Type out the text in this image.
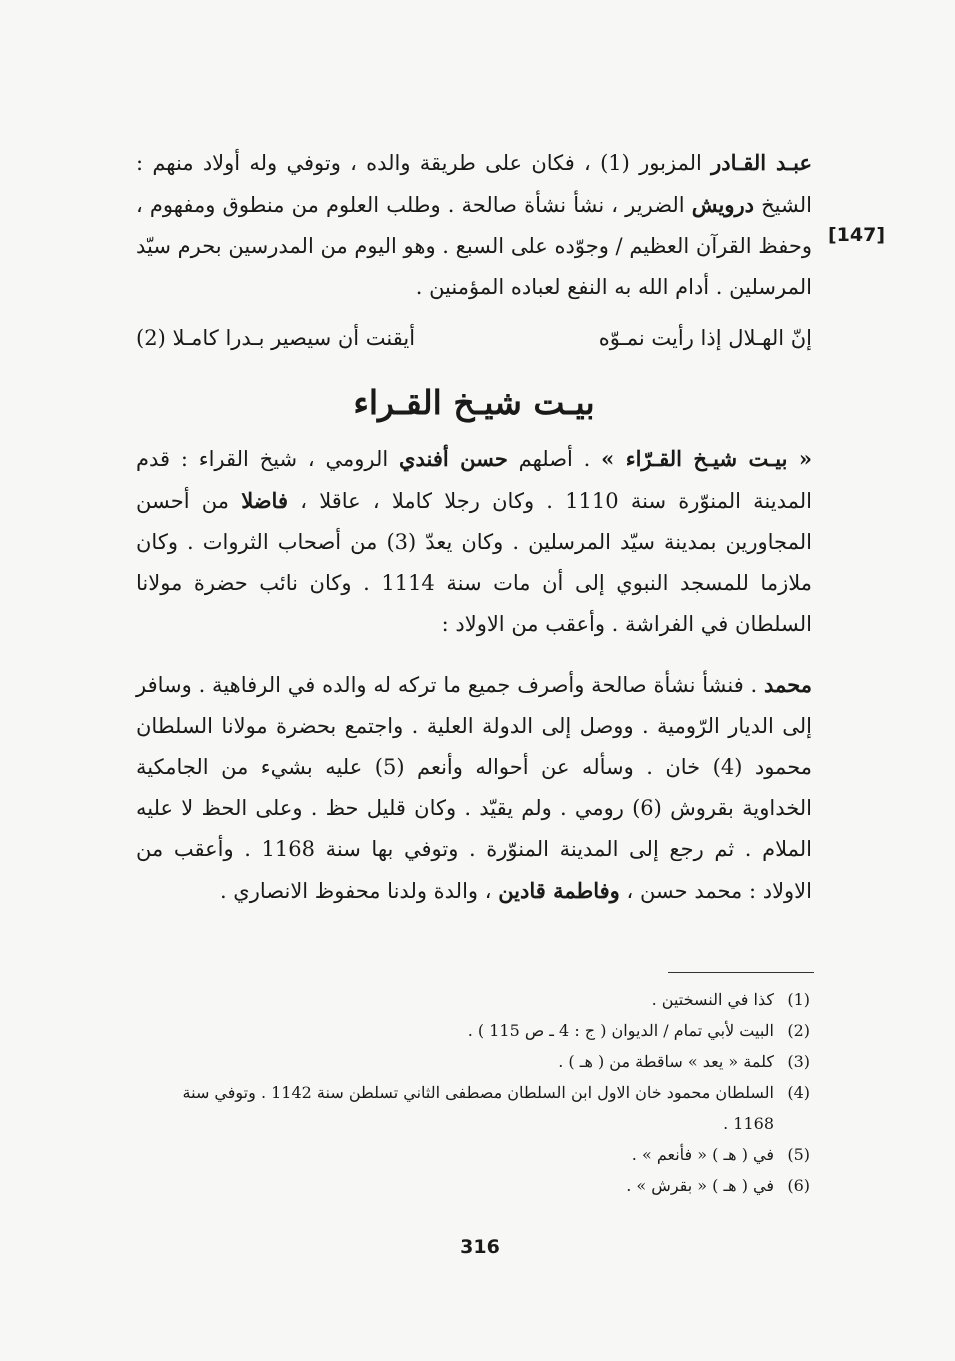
[147]

عبـد القـادر المزبور (1) ، فكان على طريقة والده ، وتوفي وله أولاد منهم : الشيخ درويش الضرير ، نشأ نشأة صالحة . وطلب العلوم من منطوق ومفهوم ، وحفظ القرآن العظيم / وجوّده على السبع . وهو اليوم من المدرسين بحرم سيّد المرسلين . أدام الله به النفع لعباده المؤمنين .

إنّ الهـلال إذا رأيت نمـوّه
أيقنت أن سيصير بـدرا كامـلا (2)
بيـت شيـخ القـراء

« بيـت شيـخ القـرّاء » . أصلهم حسن أفندي الرومي ، شيخ القراء : قدم المدينة المنوّرة سنة 1110 . وكان رجلا كاملا ، عاقلا ، فاضلا من أحسن المجاورين بمدينة سيّد المرسلين . وكان يعدّ (3) من أصحاب الثروات . وكان ملازما للمسجد النبوي إلى أن مات سنة 1114 . وكان نائب حضرة مولانا السلطان في الفراشة . وأعقب من الاولاد :

محمد . فنشأ نشأة صالحة وأصرف جميع ما تركه له والده في الرفاهية . وسافر إلى الديار الرّومية . ووصل إلى الدولة العلية . واجتمع بحضرة مولانا السلطان محمود (4) خان . وسأله عن أحواله وأنعم (5) عليه بشيء من الجامكية الخداوية بقروش (6) رومي . ولم يقيّد . وكان قليل حظ . وعلى الحظ لا عليه الملام . ثم رجع إلى المدينة المنوّرة . وتوفي بها سنة 1168 . وأعقب من الاولاد : محمد حسن ، وفاطمة قادين ، والدة ولدنا محفوظ الانصاري .

(1)
كذا في النسختين .
(2)
البيت لأبي تمام / الديوان ( ج : 4 ـ ص 115 ) .
(3)
كلمة « يعد » ساقطة من ( هـ ) .
(4)
السلطان محمود خان الاول ابن السلطان مصطفى الثاني تسلطن سنة 1142 . وتوفي سنة 1168 .
(5)
في ( هـ ) « فأنعم » .
(6)
في ( هـ ) « بقرش » .
316
